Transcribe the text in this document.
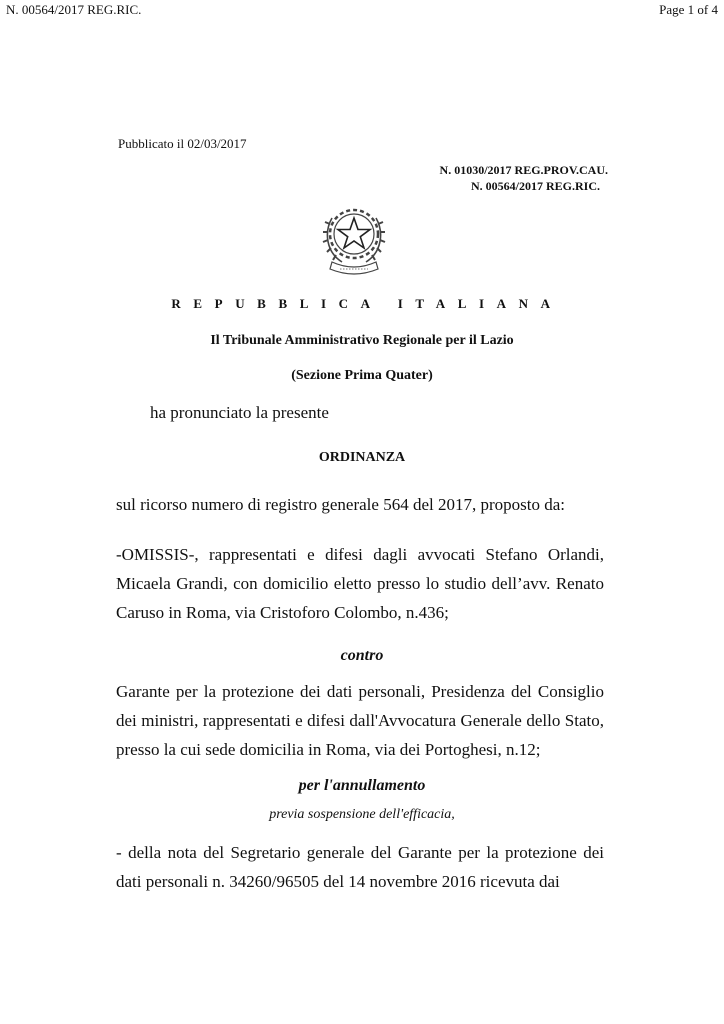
N. 00564/2017 REG.RIC.	Page 1 of 4
Pubblicato il 02/03/2017
N. 01030/2017 REG.PROV.CAU.
N. 00564/2017 REG.RIC.
REPUBBLICA ITALIANA
Il Tribunale Amministrativo Regionale per il Lazio
(Sezione Prima Quater)
ha pronunciato la presente
ORDINANZA
sul ricorso numero di registro generale 564 del 2017, proposto da:
-OMISSIS-, rappresentati e difesi dagli avvocati Stefano Orlandi, Micaela Grandi, con domicilio eletto presso lo studio dell’avv. Renato Caruso in Roma, via Cristoforo Colombo, n.436;
contro
Garante per la protezione dei dati personali, Presidenza del Consiglio dei ministri, rappresentati e difesi dall'Avvocatura Generale dello Stato, presso la cui sede domicilia in Roma, via dei Portoghesi, n.12;
per l'annullamento
previa sospensione dell'efficacia,
- della nota del Segretario generale del Garante per la protezione dei dati personali n. 34260/96505 del 14 novembre 2016 ricevuta dai
